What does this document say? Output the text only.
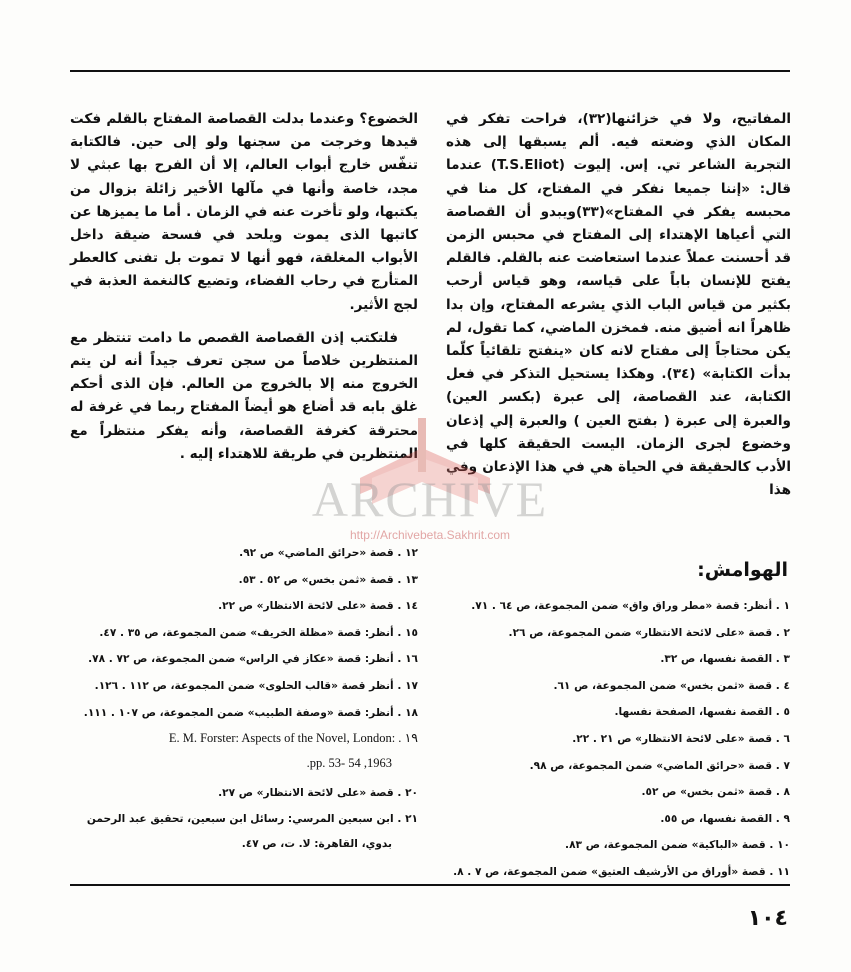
المفاتيح، ولا في خزائنها(٣٢)، فراحت تفكر في المكان الذي وضعته فيه. ألم يسبقها إلى هذه التجربة الشاعر تي. إس. إليوت (T.S.Eliot) عندما قال: «إننا جميعا نفكر في المفتاح، كل منا في محبسه يفكر في المفتاح»(٣٣)ويبدو أن القصاصة التي أعياها الإهتداء إلى المفتاح في محبس الزمن قد أحسنت عملاً عندما استعاضت عنه بالقلم. فالقلم يفتح للإنسان باباً على قياسه، وهو قياس أرحب بكثير من قياس الباب الذي يشرعه المفتاح، وإن بدا ظاهراً انه أضيق منه. فمخزن الماضي، كما تقول، لم يكن محتاجاً إلى مفتاح لانه كان «ينفتح تلقائياً كلّما بدأت الكتابة» (٣٤). وهكذا يستحيل التذكر في فعل الكتابة، عند القصاصة، إلى عبرة (بكسر العين) والعبرة إلى عبرة ( بفتح العين ) والعبرة إلي إذعان وخضوع لجرى الزمان. اليست الحقيقة كلها في الأدب كالحقيقة في الحياة هي في هذا الإذعان وفي هذا

الخضوع؟ وعندما بدلت القصاصة المفتاح بالقلم فكت قيدها وخرجت من سجنها ولو إلى حين. فالكتابة تنفّس خارج أبواب العالم، إلا أن الفرح بها عبثي لا مجد، خاصة وأنها في مآلها الأخير زائلة بزوال من يكتبها، ولو تأخرت عنه في الزمان . أما ما يميزها عن كاتبها الذى يموت ويلحد في فسحة ضيقة داخل الأبواب المغلقة، فهو أنها لا تموت بل تفنى كالعطر المتأرج في رحاب الفضاء، وتضيع كالنغمة العذبة في لجج الأثير.

فلتكتب إذن القصاصة القصص ما دامت تنتظر مع المنتظرين خلاصاً من سجن تعرف جيداً أنه لن يتم الخروج منه إلا بالخروج من العالم. فإن الذى أحكم غلق بابه قد أضاع هو أيضاً المفتاح ربما في غرفة له محترقة كغرفة القصاصة، وأنه يفكر منتظراً مع المنتظرين في طريقة للاهتداء إليه .

الهوامش:
١ . أنظر: قصة «مطر وراق واق» ضمن المجموعة، ص ٦٤ . ٧١.
٢ . قصة «على لائحة الانتظار» ضمن المجموعة، ص ٢٦.
٣ . القصة نفسها، ص ٣٢.
٤ . قصة «ثمن بخس» ضمن المجموعة، ص ٦١.
٥ . القصة نفسها، الصفحة نفسها.
٦ . قصة «على لائحة الانتظار» ص ٢١ . ٢٢.
٧ . قصة «حرائق الماضي» ضمن المجموعة، ص ٩٨.
٨ . قصة «ثمن بخس» ص ٥٢.
٩ . القصة نفسها، ص ٥٥.
١٠ . قصة «الباكية» ضمن المجموعة، ص ٨٣.
١١ . قصة «أوراق من الأرشيف العتيق» ضمن المجموعة، ص ٧ . ٨.
١٢ . قصة «حرائق الماضي» ص ٩٢.
١٣ . قصة «ثمن بخس» ص ٥٢ . ٥٣.
١٤ . قصة «على لائحة الانتظار» ص ٢٢.
١٥ . أنظر: قصة «مظلة الخريف» ضمن المجموعة، ص ٣٥ . ٤٧.
١٦ . أنظر: قصة «عكاز في الراس» ضمن المجموعة، ص ٧٢ . ٧٨.
١٧ . أنظر قصة «قالب الحلوى» ضمن المجموعة، ص ١١٢ . ١٢٦.
١٨ . أنظر: قصة «وصفة الطبيب» ضمن المجموعة، ص ١٠٧ . ١١١.
E. M. Forster: Aspects of the Novel, London: . ١٩
1963, pp. 53- 54.
٢٠ . قصة «على لائحة الانتظار» ص ٢٧.
٢١ . ابن سبعين المرسي: رسائل ابن سبعين، تحقيق عبد الرحمن
بدوي، القاهرة: لا. ت، ص ٤٧.
١٠٤
ARCHIVE
http://Archivebeta.Sakhrit.com
